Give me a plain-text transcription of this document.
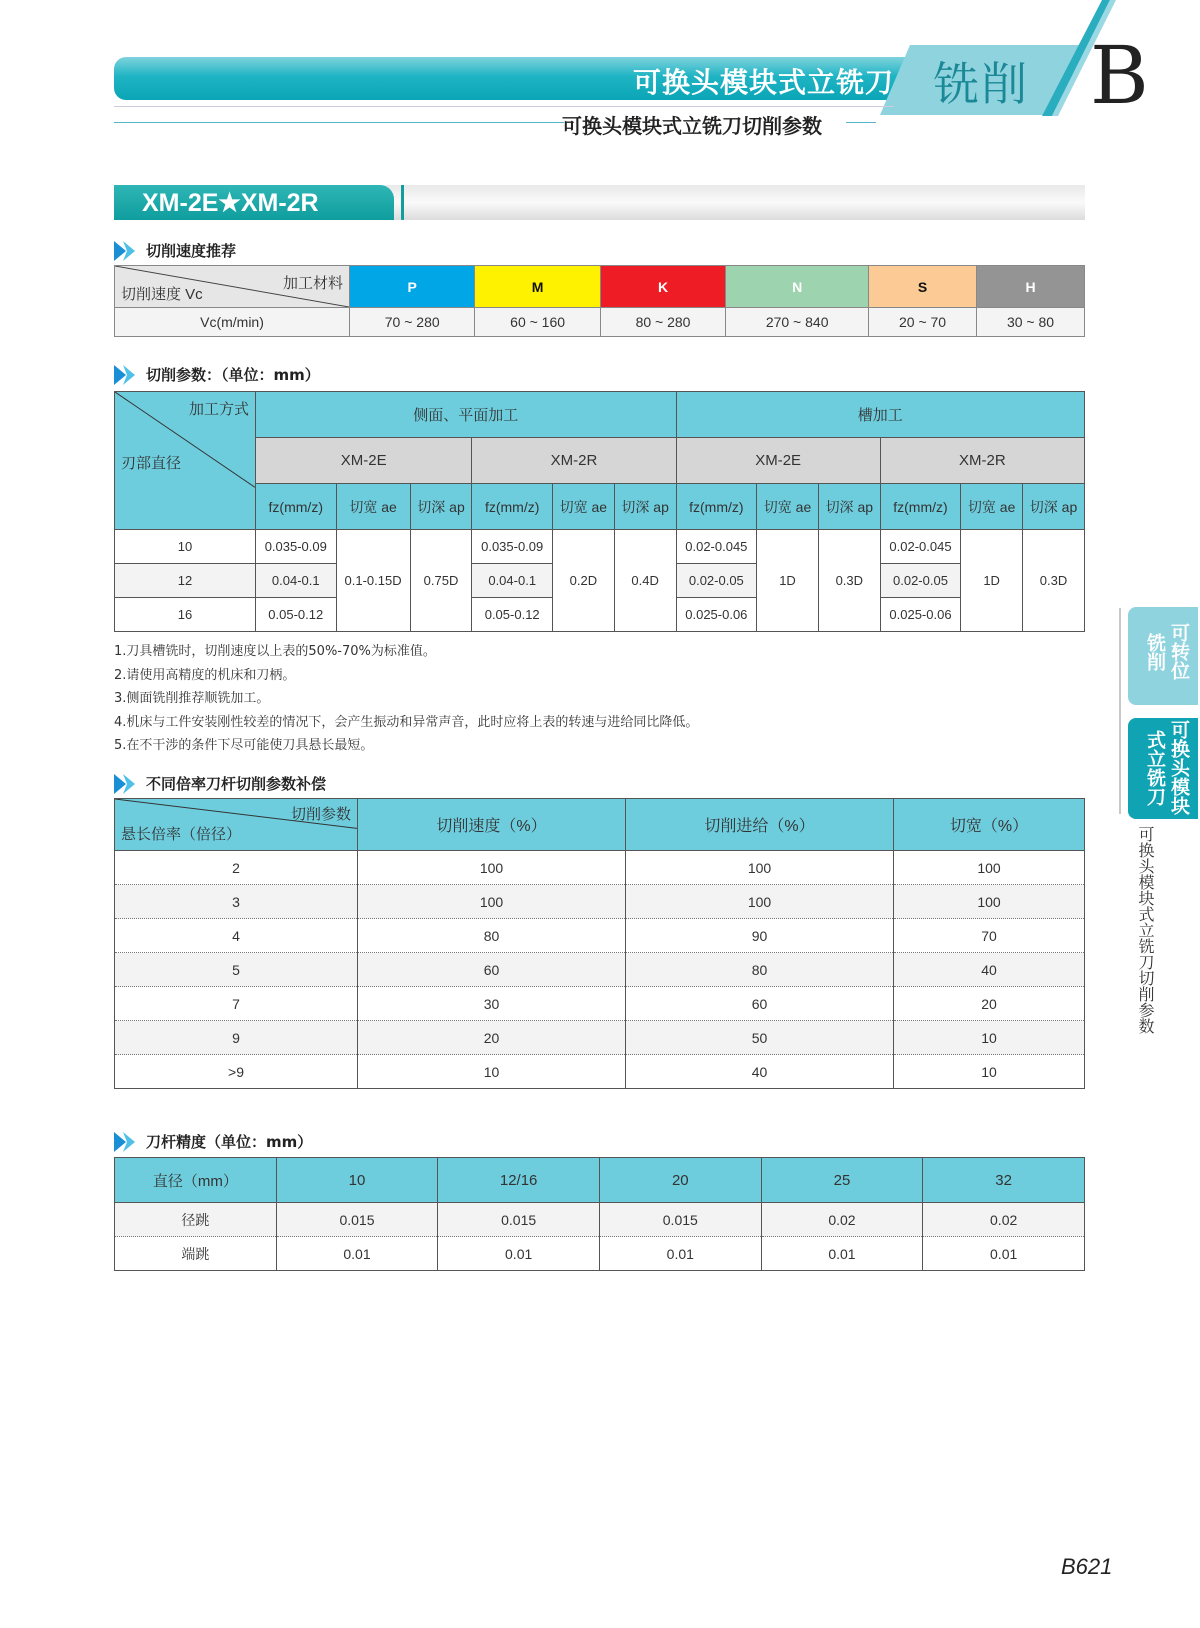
可换头模块式立铣刀 铣削 B
可换头模块式立铣刀切削参数
XM-2E★XM-2R
切削速度推荐
加工材料
切削速度 Vc	P	M	K	N	S	H
Vc(m/min)	70 ~ 280	60 ~ 160	80 ~ 280	270 ~ 840	20 ~ 70	30 ~ 80
切削参数：（单位：mm）
加工方式
刃部直径	侧面、平面加工						槽加工					
	XM-2E			XM-2R			XM-2E			XM-2R		
	fz(mm/z)	切宽 ae	切深 ap	fz(mm/z)	切宽 ae	切深 ap	fz(mm/z)	切宽 ae	切深 ap	fz(mm/z)	切宽 ae	切深 ap
10	0.035-0.09	0.1-0.15D	0.75D	0.035-0.09	0.2D	0.4D	0.02-0.045	1D	0.3D	0.02-0.045	1D	0.3D
12	0.04-0.1			0.04-0.1			0.02-0.05			0.02-0.05		
16	0.05-0.12			0.05-0.12			0.025-0.06			0.025-0.06		
1.刀具槽铣时，切削速度以上表的50%-70%为标准值。
2.请使用高精度的机床和刀柄。
3.侧面铣削推荐顺铣加工。
4.机床与工件安装刚性较差的情况下，会产生振动和异常声音，此时应将上表的转速与进给同比降低。
5.在不干涉的条件下尽可能使刀具悬长最短。
不同倍率刀杆切削参数补偿
切削参数
悬长倍率（倍径）	切削速度（%）	切削进给（%）	切宽（%）
2	100	100	100
3	100	100	100
4	80	90	70
5	60	80	40
7	30	60	20
9	20	50	10
>9	10	40	10
刀杆精度（单位：mm）
直径（mm）	10	12/16	20	25	32
径跳	0.015	0.015	0.015	0.02	0.02
端跳	0.01	0.01	0.01	0.01	0.01
可转位
铣削
可换头模块
式立铣刀
可换头模块式立铣刀切削参数
B621
